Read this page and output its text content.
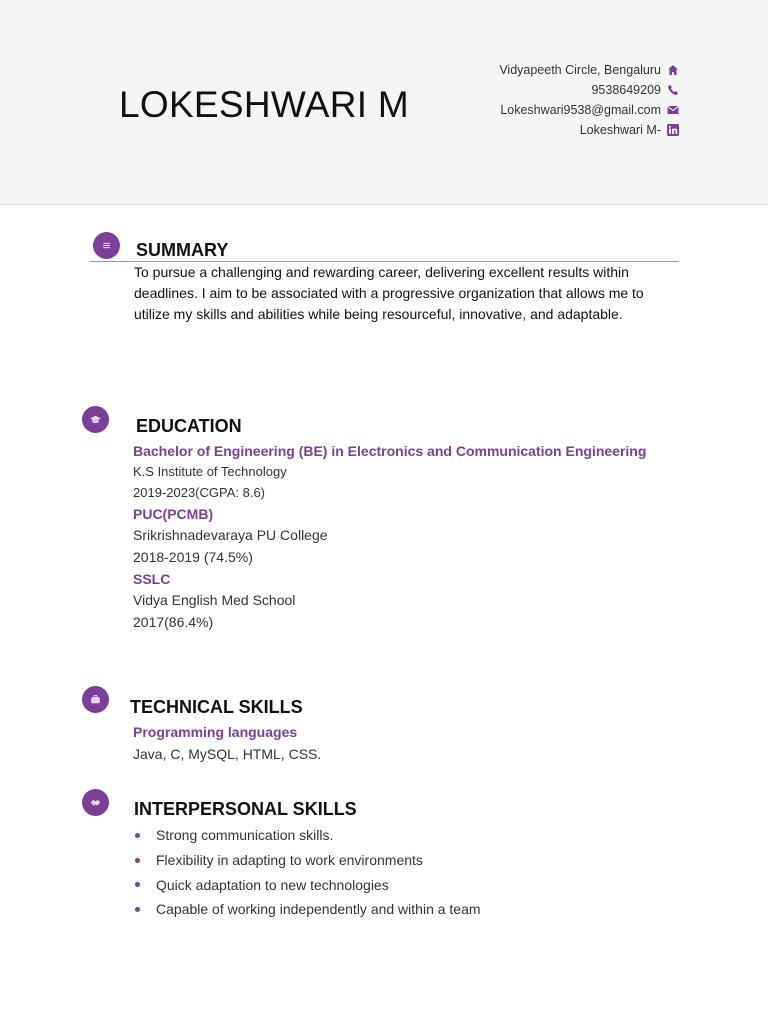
LOKESHWARI M
Vidyapeeth Circle, Bengaluru
9538649209
Lokeshwari9538@gmail.com
Lokeshwari M-
SUMMARY

To pursue a challenging and rewarding career, delivering excellent results within deadlines. I aim to be associated with a progressive organization that allows me to utilize my skills and abilities while being resourceful, innovative, and adaptable.

EDUCATION
Bachelor of Engineering (BE) in Electronics and Communication Engineering
K.S Institute of Technology
2019-2023(CGPA: 8.6)
PUC(PCMB)
Srikrishnadevaraya PU College
2018-2019 (74.5%)
SSLC
Vidya English Med School
2017(86.4%)
TECHNICAL SKILLS
Programming languages
Java, C, MySQL, HTML, CSS.
INTERPERSONAL SKILLS
Strong communication skills.
Flexibility in adapting to work environments
Quick adaptation to new technologies
Capable of working independently and within a team
